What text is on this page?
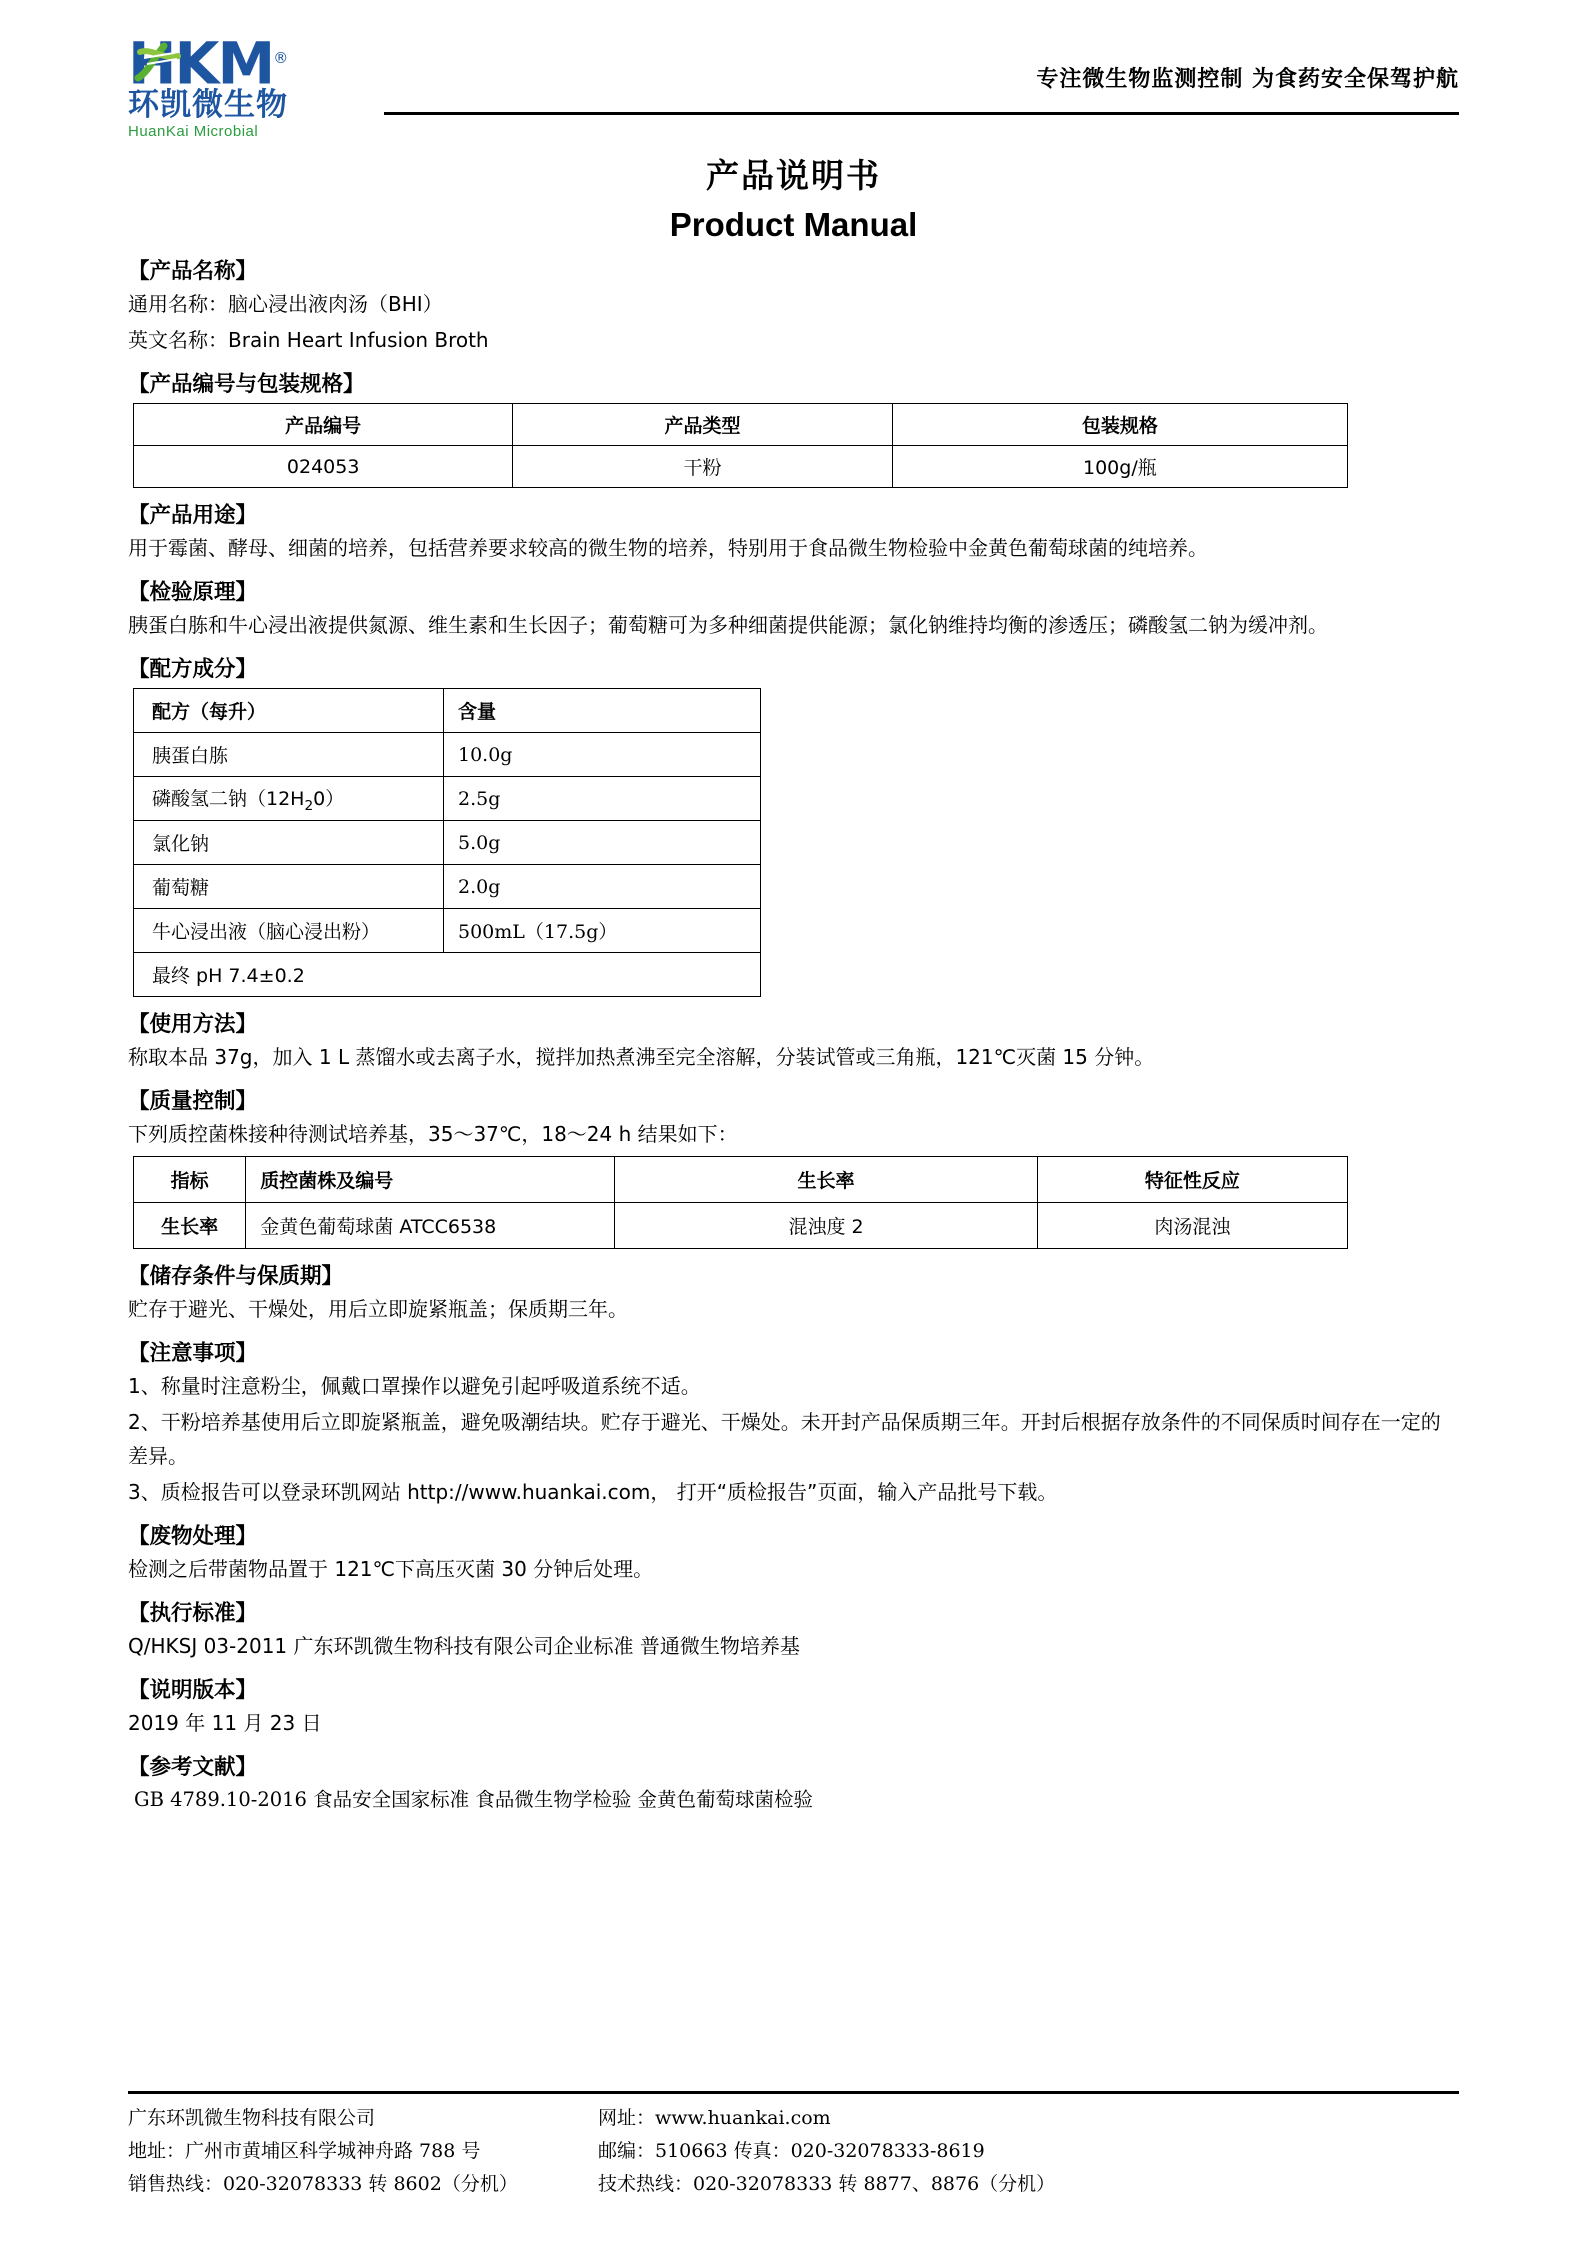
HKM®
环凯微生物
HuanKai Microbial
专注微生物监测控制 为食药安全保驾护航
产品说明书
Product Manual
【产品名称】
通用名称：脑心浸出液肉汤（BHI）
英文名称：Brain Heart Infusion Broth
【产品编号与包装规格】
产品编号	产品类型	包装规格
024053	干粉	100g/瓶
【产品用途】
用于霉菌、酵母、细菌的培养，包括营养要求较高的微生物的培养，特别用于食品微生物检验中金黄色葡萄球菌的纯培养。
【检验原理】
胰蛋白胨和牛心浸出液提供氮源、维生素和生长因子；葡萄糖可为多种细菌提供能源；氯化钠维持均衡的渗透压；磷酸氢二钠为缓冲剂。
【配方成分】
配方（每升）	含量
胰蛋白胨	10.0g
磷酸氢二钠$(12H_20)$	2.5g
氯化钠	5.0g
葡萄糖	2.0g
牛心浸出液（脑心浸出粉）	500mL（17.5g）
最终 pH 7.4±0.2	
【使用方法】
称取本品 37g，加入 1 L 蒸馏水或去离子水，搅拌加热煮沸至完全溶解，分装试管或三角瓶，121℃灭菌 15 分钟。
【质量控制】
下列质控菌株接种待测试培养基，35～37℃，18～24 h 结果如下：
指标	质控菌株及编号	生长率	特征性反应
生长率	金黄色葡萄球菌 ATCC6538	混浊度 2	肉汤混浊
【储存条件与保质期】
贮存于避光、干燥处，用后立即旋紧瓶盖；保质期三年。
【注意事项】
1、称量时注意粉尘，佩戴口罩操作以避免引起呼吸道系统不适。
2、干粉培养基使用后立即旋紧瓶盖，避免吸潮结块。贮存于避光、干燥处。未开封产品保质期三年。开封后根据存放条件的不同保质时间存在一定的差异。
3、质检报告可以登录环凯网站 http://www.huankai.com， 打开“质检报告”页面，输入产品批号下载。
【废物处理】
检测之后带菌物品置于 121℃下高压灭菌 30 分钟后处理。
【执行标准】
Q/HKSJ 03-2011 广东环凯微生物科技有限公司企业标准 普通微生物培养基
【说明版本】
2019 年 11 月 23 日
【参考文献】
GB 4789.10-2016 食品安全国家标准 食品微生物学检验 金黄色葡萄球菌检验
广东环凯微生物科技有限公司
地址：广州市黄埔区科学城神舟路 788 号
销售热线：020-32078333 转 8602（分机）
网址：www.huankai.com
邮编：510663 传真：020-32078333-8619
技术热线：020-32078333 转 8877、8876（分机）
